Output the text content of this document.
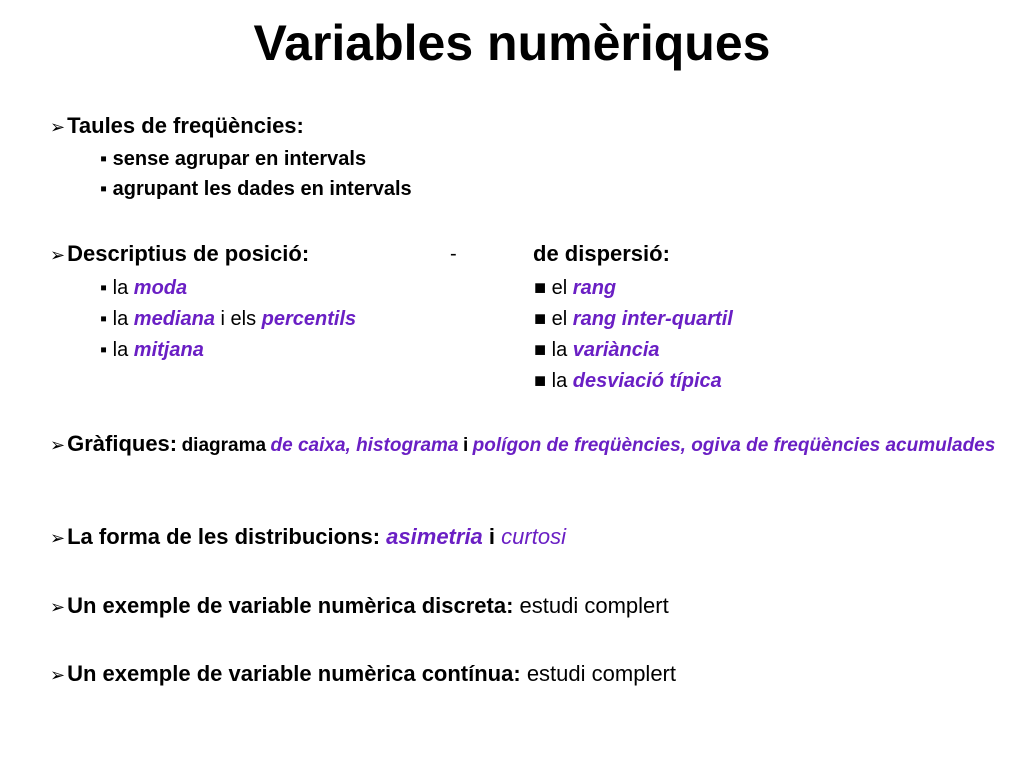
Variables numèriques
➢Taules de freqüències:
▪ sense agrupar en intervals
▪ agrupant les dades en intervals
➢Descriptius de posició:	-	de dispersió:
▪ la moda
▪ la mediana i els percentils
▪ la mitjana
■ el rang
■ el rang inter-quartil
■ la variància
■ la desviació típica
➢Gràfiques: diagrama de caixa, histograma i polígon de freqüències, ogiva de freqüències acumulades
➢La forma de les distribucions: asimetria i curtosi
➢Un exemple de variable numèrica discreta: estudi complert
➢Un exemple de variable numèrica contínua: estudi complert
